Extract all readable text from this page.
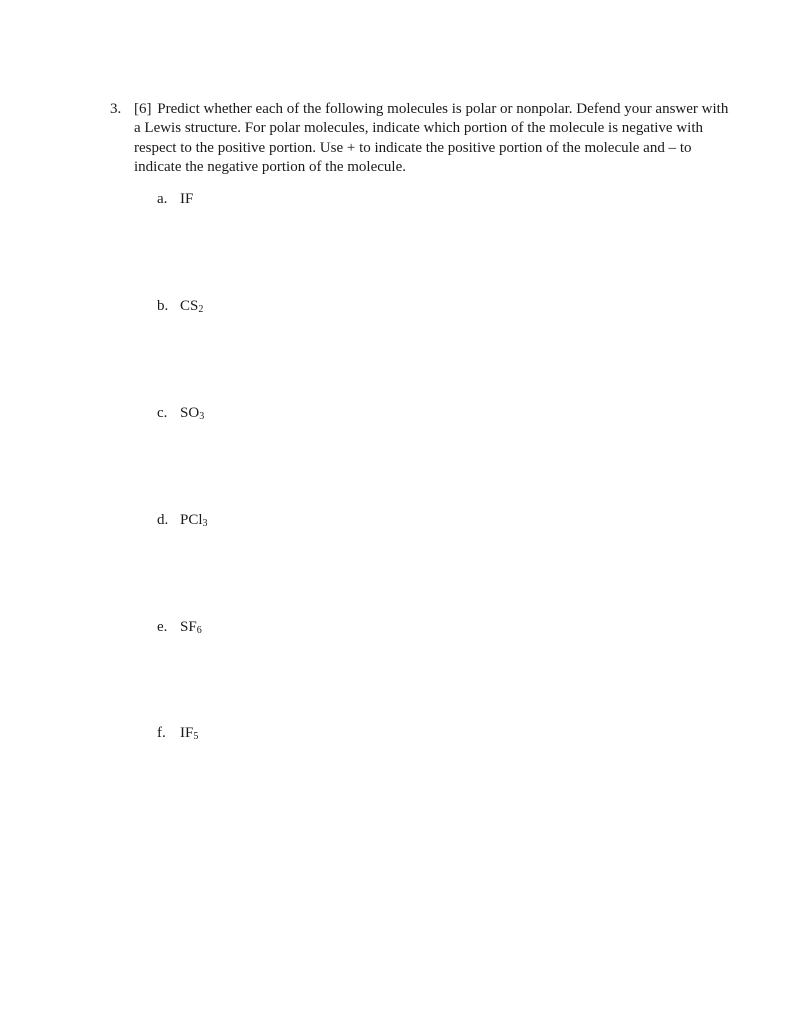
3. [6] Predict whether each of the following molecules is polar or nonpolar. Defend your answer with a Lewis structure. For polar molecules, indicate which portion of the molecule is negative with respect to the positive portion. Use + to indicate the positive portion of the molecule and – to indicate the negative portion of the molecule.
a. IF
b. $CS_2$
c. $SO_3$
d. PCl$_3$
e. $SF_6$
f. $IF_5$
